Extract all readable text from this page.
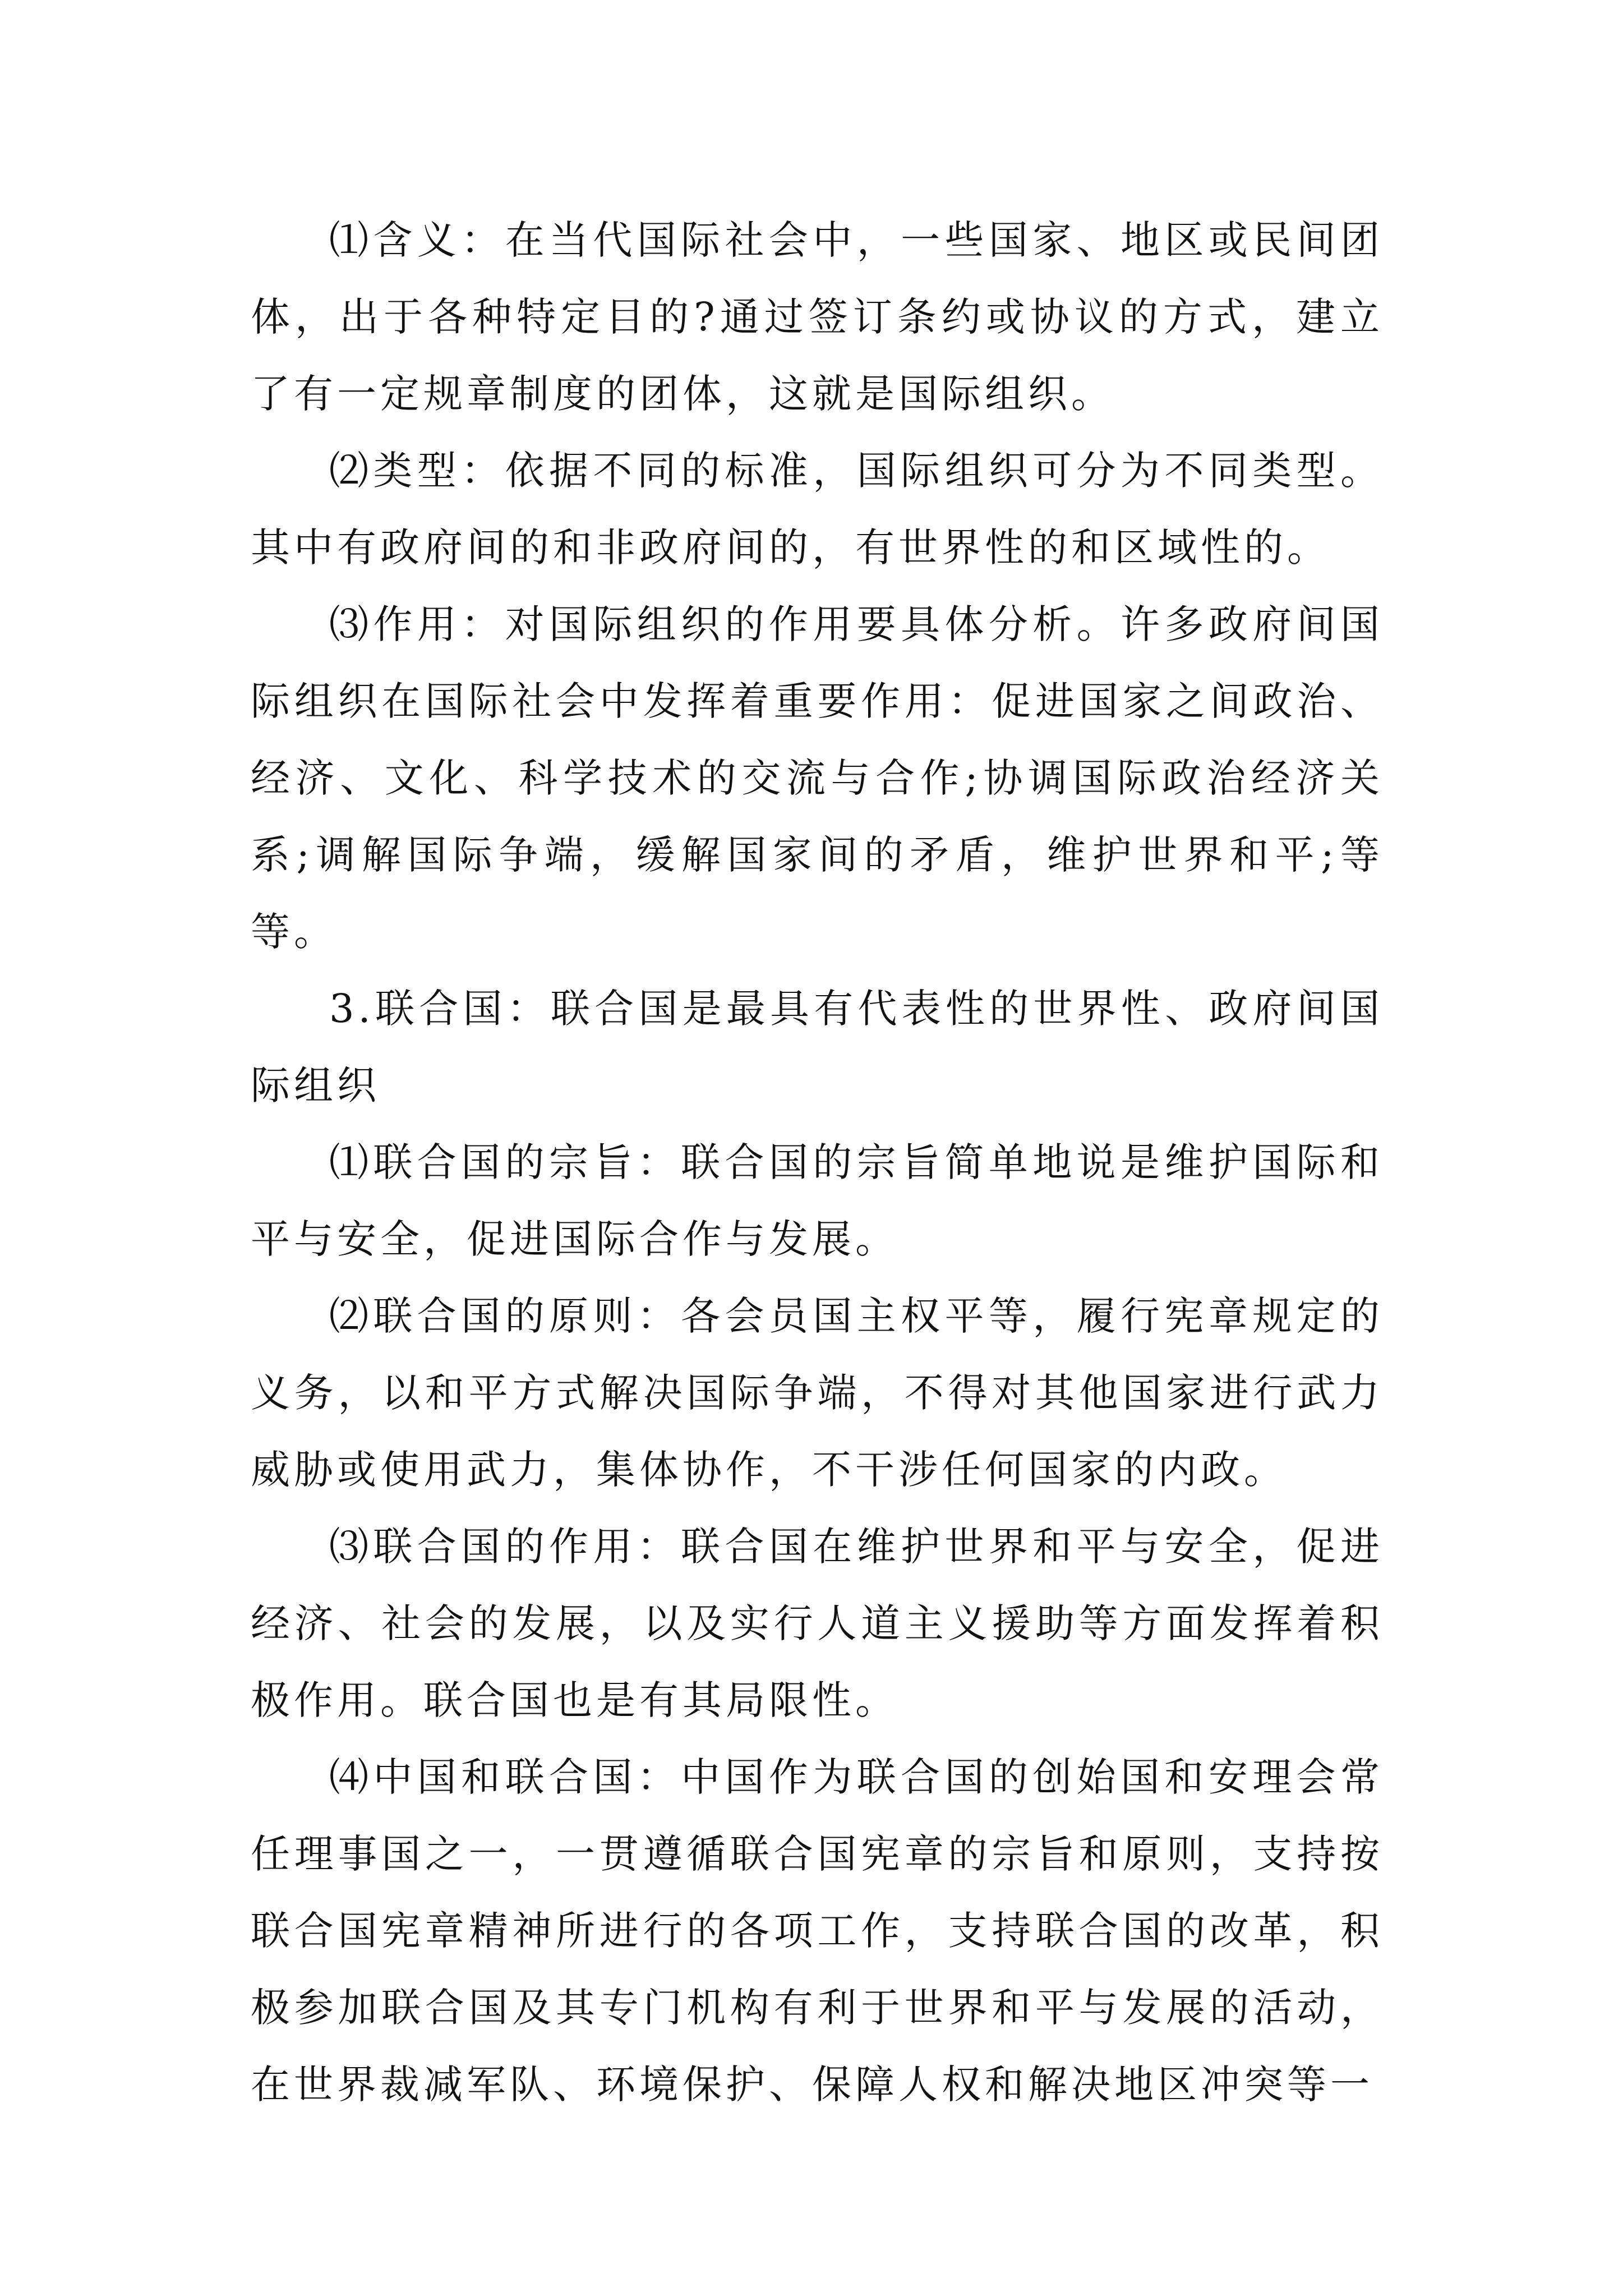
⑴含义：在当代国际社会中，一些国家、地区或民间团体，出于各种特定目的?通过签订条约或协议的方式，建立了有一定规章制度的团体，这就是国际组织。

⑵类型：依据不同的标准，国际组织可分为不同类型。其中有政府间的和非政府间的，有世界性的和区域性的。

⑶作用：对国际组织的作用要具体分析。许多政府间国际组织在国际社会中发挥着重要作用：促进国家之间政治、经济、文化、科学技术的交流与合作;协调国际政治经济关系;调解国际争端，缓解国家间的矛盾，维护世界和平;等等。

3.联合国：联合国是最具有代表性的世界性、政府间国际组织

⑴联合国的宗旨：联合国的宗旨简单地说是维护国际和平与安全，促进国际合作与发展。

⑵联合国的原则：各会员国主权平等，履行宪章规定的义务，以和平方式解决国际争端，不得对其他国家进行武力威胁或使用武力，集体协作，不干涉任何国家的内政。

⑶联合国的作用：联合国在维护世界和平与安全，促进经济、社会的发展，以及实行人道主义援助等方面发挥着积极作用。联合国也是有其局限性。

⑷中国和联合国：中国作为联合国的创始国和安理会常任理事国之一，一贯遵循联合国宪章的宗旨和原则，支持按联合国宪章精神所进行的各项工作，支持联合国的改革，积极参加联合国及其专门机构有利于世界和平与发展的活动，在世界裁减军队、环境保护、保障人权和解决地区冲突等一
